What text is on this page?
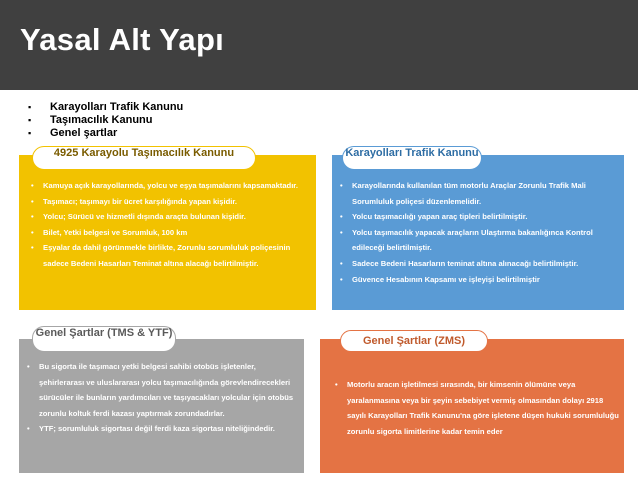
Yasal Alt Yapı
▪ Karayolları Trafik Kanunu
▪ Taşımacılık Kanunu
▪ Genel şartlar
• Kamuya açık karayollarında, yolcu ve eşya taşımalarını kapsamaktadır.
• Taşımacı; taşımayı bir ücret karşılığında yapan kişidir.
• Yolcu; Sürücü ve hizmetli dışında araçta bulunan kişidir.
• Bilet, Yetki belgesi ve Sorumluk, 100 km
• Eşyalar da dahil görünmekle birlikte, Zorunlu sorumluluk poliçesinin sadece Bedeni Hasarları Teminat altına alacağı belirtilmiştir.
4925 Karayolu Taşımacılık Kanunu
• Karayollarında kullanılan tüm motorlu Araçlar Zorunlu Trafik Mali Sorumluluk poliçesi düzenlemelidir.
• Yolcu taşımacılığı yapan araç tipleri belirtilmiştir.
• Yolcu taşımacılık yapacak araçların Ulaştırma bakanlığınca Kontrol edileceği belirtilmiştir.
• Sadece Bedeni Hasarların teminat altına alınacağı belirtilmiştir.
• Güvence Hesabının Kapsamı ve işleyişi belirtilmiştir
Karayolları Trafik Kanunu
• Bu sigorta ile taşımacı yetki belgesi sahibi otobüs işletenler, şehirlerarası ve uluslararası yolcu taşımacılığında görevlendirecekleri sürücüler ile bunların yardımcıları ve taşıyacakları yolcular için otobüs zorunlu koltuk ferdi kazası yaptırmak zorundadırlar.
• YTF; sorumluluk sigortası değil ferdi kaza sigortası niteliğindedir.
Genel Şartlar (TMS & YTF)
• Motorlu aracın işletilmesi sırasında, bir kimsenin ölümüne veya yaralanmasına veya bir şeyin sebebiyet vermiş olmasından dolayı 2918 sayılı Karayolları Trafik Kanunu'na göre işletene düşen hukuki sorumluluğu zorunlu sigorta limitlerine kadar temin eder
Genel Şartlar (ZMS)
